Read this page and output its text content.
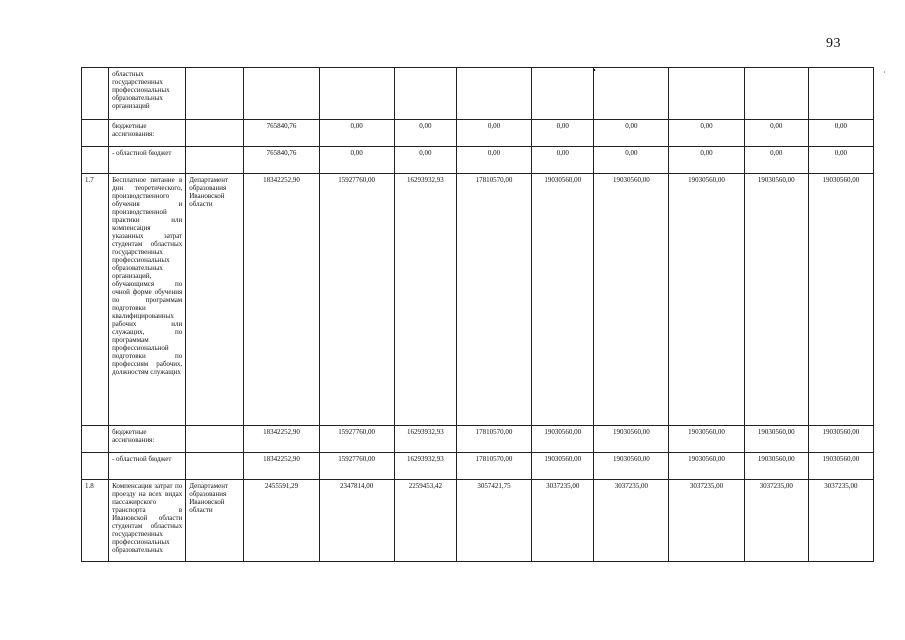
93
•	·
	областных государственных профессиональных образовательных организаций										
	бюджетные ассигнования:		765840,76	0,00	0,00	0,00	0,00	0,00	0,00	0,00	0,00
	- областной бюджет		765840,76	0,00	0,00	0,00	0,00	0,00	0,00	0,00	0,00
1.7	Бесплатное питание в дни теоретического, производственного обучения и производственной практики или компенсация указанных затрат студентам областных государственных профессиональных образовательных организаций, обучающимся по очной форме обучения по программам подготовки квалифицированных рабочих или служащих, по программам профессиональной подготовки по профессиям рабочих, должностям служащих	Департамент образования Ивановской области	18342252,90	15927760,00	16293932,93	17810570,00	19030560,00	19030560,00	19030560,00	19030560,00	19030560,00
	бюджетные ассигнования:		18342252,90	15927760,00	16293932,93	17810570,00	19030560,00	19030560,00	19030560,00	19030560,00	19030560,00
	- областной бюджет		18342252,90	15927760,00	16293932,93	17810570,00	19030560,00	19030560,00	19030560,00	19030560,00	19030560,00
1.8	Компенсация затрат по проезду на всех видах пассажирского транспорта в Ивановской области студентам областных государственных профессиональных образовательных	Департамент образования Ивановской области	2455591,29	2347814,00	2259453,42	3057421,75	3037235,00	3037235,00	3037235,00	3037235,00	3037235,00
